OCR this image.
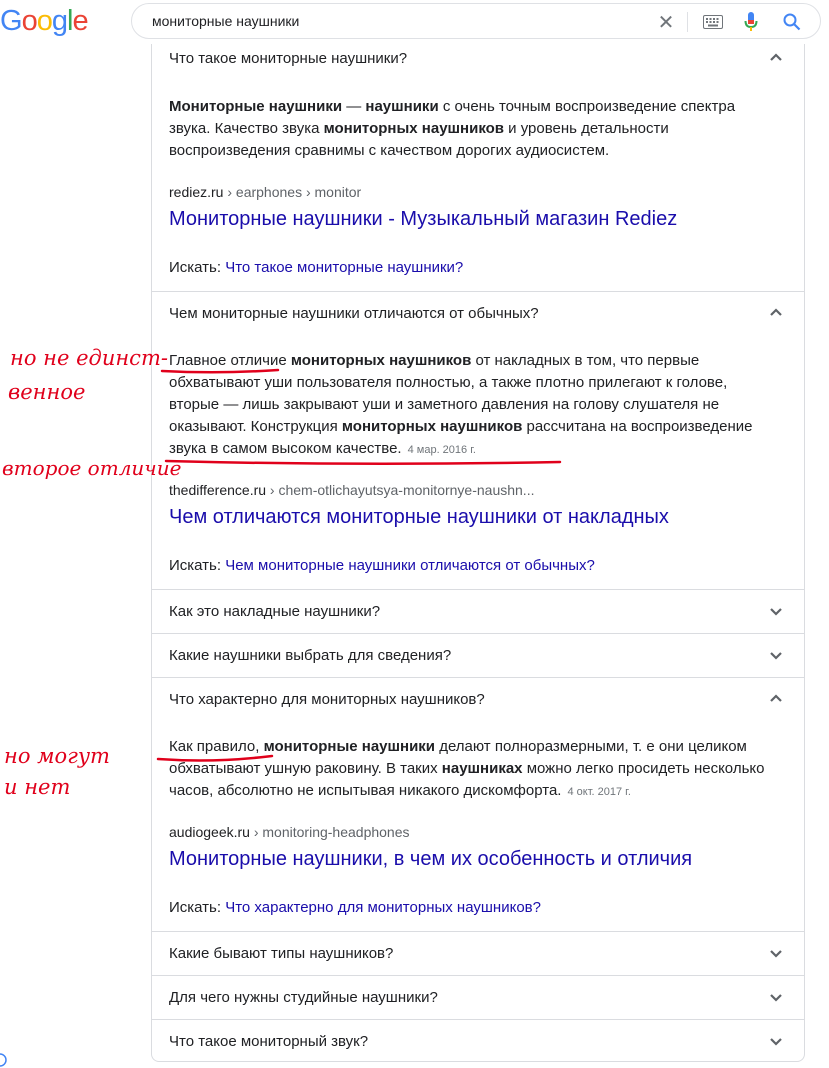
Google	мониторные наушники	✕
Что такое мониторные наушники?
Мониторные наушники — наушники с очень точным воспроизведение спектра звука. Качество звука мониторных наушников и уровень детальности воспроизведения сравнимы с качеством дорогих аудиосистем.
rediez.ru › earphones › monitor
Мониторные наушники - Музыкальный магазин Rediez
Искать: Что такое мониторные наушники?
Чем мониторные наушники отличаются от обычных?
Главное отличие мониторных наушников от накладных в том, что первые обхватывают уши пользователя полностью, а также плотно прилегают к голове, вторые — лишь закрывают уши и заметного давления на голову слушателя не оказывают. Конструкция мониторных наушников рассчитана на воспроизведение звука в самом высоком качестве. 4 мар. 2016 г.
thedifference.ru › chem-otlichayutsya-monitornye-naushn...
Чем отличаются мониторные наушники от накладных
Искать: Чем мониторные наушники отличаются от обычных?
Как это накладные наушники?
Какие наушники выбрать для сведения?
Что характерно для мониторных наушников?
Как правило, мониторные наушники делают полноразмерными, т. е они целиком обхватывают ушную раковину. В таких наушниках можно легко просидеть несколько часов, абсолютно не испытывая никакого дискомфорта. 4 окт. 2017 г.
audiogeek.ru › monitoring-headphones
Мониторные наушники, в чем их особенность и отличия
Искать: Что характерно для мониторных наушников?
Какие бывают типы наушников?
Для чего нужны студийные наушники?
Что такое мониторный звук?
но не единст-
венное
второе отличие
но могут
и нет
